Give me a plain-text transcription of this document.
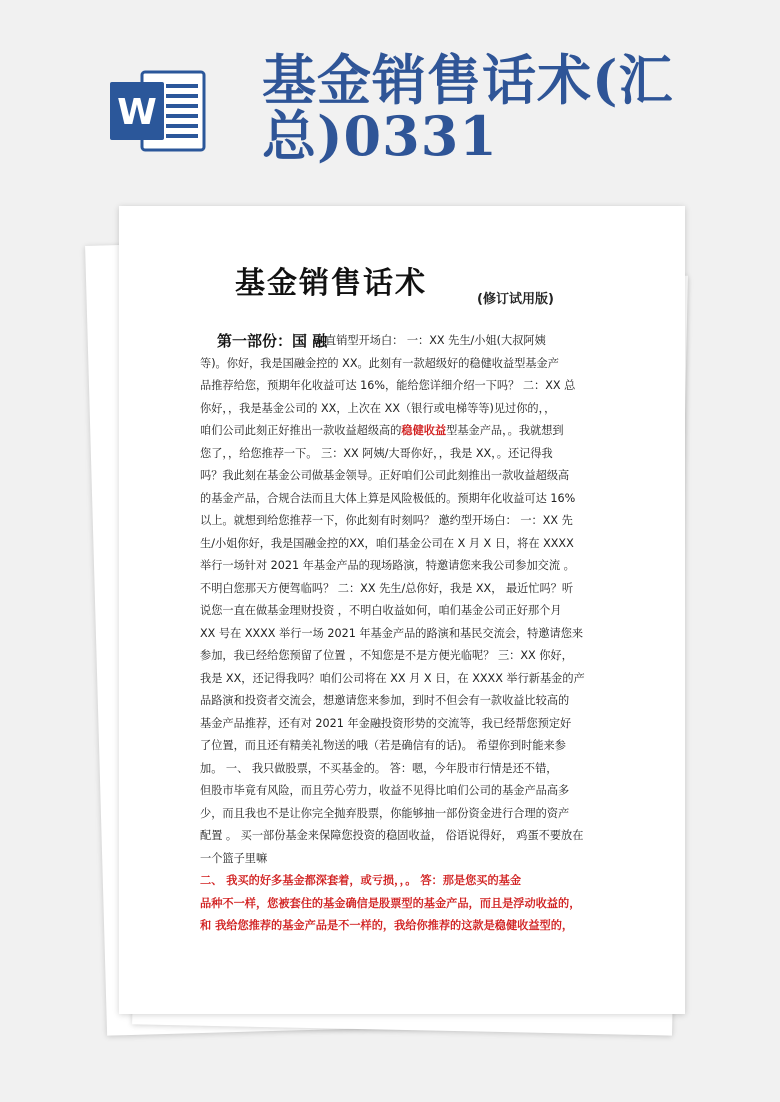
W
基金销售话术(汇
总)0331
基金销售话术	(修订试用版)
第一部份：国 融
直销型开场白： 一：XX 先生/小姐(大叔阿姨
等)。你好，我是国融金控的 XX。此刻有一款超级好的稳健收益型基金产
品推荐给您，预期年化收益可达 16%，能给您详细介绍一下吗？ 二：XX 总
你好，，我是基金公司的 XX，上次在 XX（银行或电梯等等)见过你的，，
咱们公司此刻正好推出一款收益超级高的稳健收益型基金产品，。我就想到
您了，，给您推荐一下。 三：XX 阿姨/大哥你好，，我是 XX，。还记得我
吗？我此刻在基金公司做基金领导。正好咱们公司此刻推出一款收益超级高
的基金产品，合规合法而且大体上算是风险极低的。预期年化收益可达 16%
以上。就想到给您推荐一下，你此刻有时刻吗？ 邀约型开场白： 一：XX 先
生/小姐你好，我是国融金控的XX，咱们基金公司在 X 月 X 日，将在 XXXX
举行一场针对 2021 年基金产品的现场路演，特邀请您来我公司参加交流 。
不明白您那天方便驾临吗？ 二：XX 先生/总你好，我是 XX， 最近忙吗？听
说您一直在做基金理财投资 ，不明白收益如何，咱们基金公司正好那个月
XX 号在 XXXX 举行一场 2021 年基金产品的路演和基民交流会，特邀请您来
参加，我已经给您预留了位置 ，不知您是不是方便光临呢？ 三：XX 你好，
我是 XX，还记得我吗？咱们公司将在 XX 月 X 日，在 XXXX 举行新基金的产
品路演和投资者交流会，想邀请您来参加，到时不但会有一款收益比较高的
基金产品推荐，还有对 2021 年金融投资形势的交流等，我已经帮您预定好
了位置，而且还有精美礼物送的哦（若是确信有的话)。 希望你到时能来参
加。 一、 我只做股票，不买基金的。 答：嗯，今年股市行情是还不错，
但股市毕竟有风险，而且劳心劳力，收益不见得比咱们公司的基金产品高多
少，而且我也不是让你完全抛弃股票，你能够抽一部份资金进行合理的资产
配置 。 买一部份基金来保障您投资的稳固收益， 俗语说得好， 鸡蛋不要放在
一个篮子里嘛
二、 我买的好多基金都深套着，或亏损，，。 答：那是您买的基金
品种不一样，您被套住的基金确信是股票型的基金产品，而且是浮动收益的，
和 我给您推荐的基金产品是不一样的，我给你推荐的这款是稳健收益型的，
